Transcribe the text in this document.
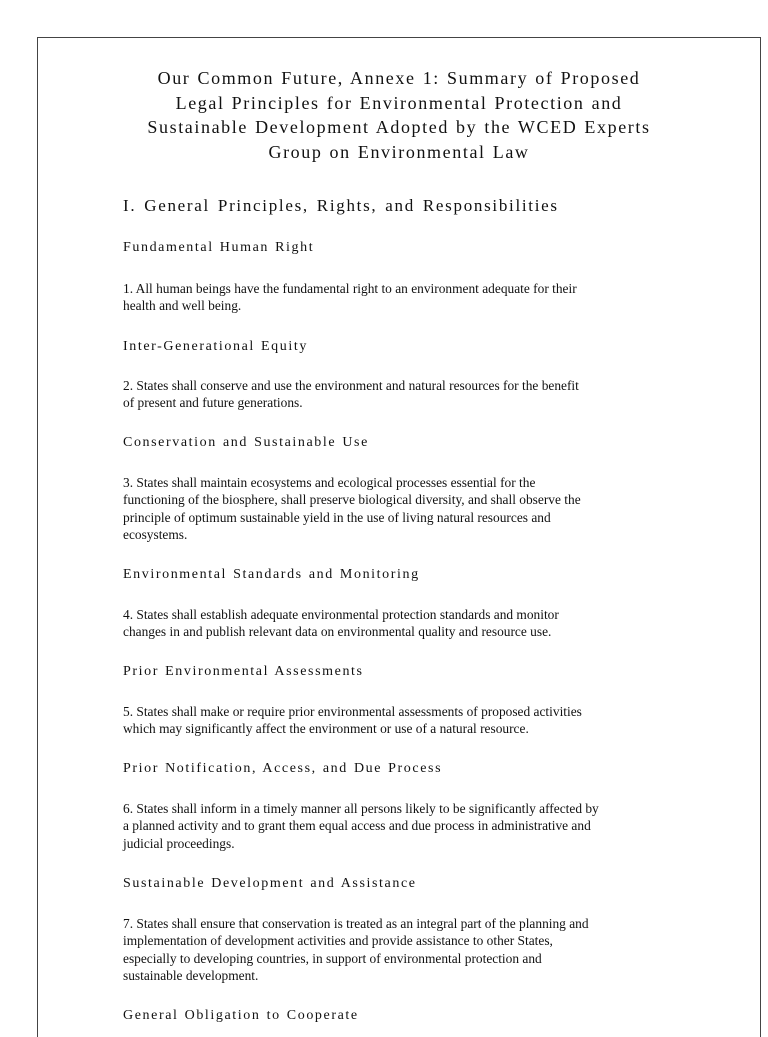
Our Common Future, Annexe 1: Summary of Proposed
Legal Principles for Environmental Protection and
Sustainable Development Adopted by the WCED Experts
Group on Environmental Law
I. General Principles, Rights, and Responsibilities
Fundamental Human Right
1. All human beings have the fundamental right to an environment adequate for their
health and well being.
Inter-Generational Equity
2. States shall conserve and use the environment and natural resources for the benefit
of present and future generations.
Conservation and Sustainable Use
3. States shall maintain ecosystems and ecological processes essential for the
functioning of the biosphere, shall preserve biological diversity, and shall observe the
principle of optimum sustainable yield in the use of living natural resources and
ecosystems.
Environmental Standards and Monitoring
4. States shall establish adequate environmental protection standards and monitor
changes in and publish relevant data on environmental quality and resource use.
Prior Environmental Assessments
5. States shall make or require prior environmental assessments of proposed activities
which may significantly affect the environment or use of a natural resource.
Prior Notification, Access, and Due Process
6. States shall inform in a timely manner all persons likely to be significantly affected by
a planned activity and to grant them equal access and due process in administrative and
judicial proceedings.
Sustainable Development and Assistance
7. States shall ensure that conservation is treated as an integral part of the planning and
implementation of development activities and provide assistance to other States,
especially to developing countries, in support of environmental protection and
sustainable development.
General Obligation to Cooperate
